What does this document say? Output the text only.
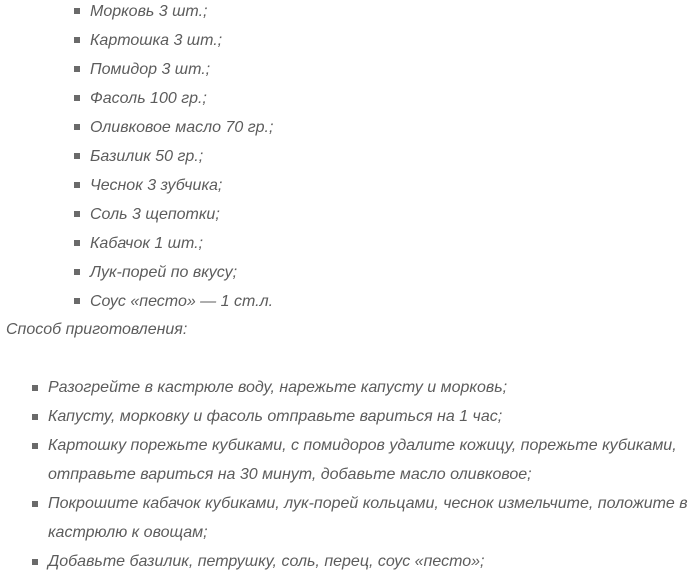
Морковь 3 шт.;
Картошка 3 шт.;
Помидор 3 шт.;
Фасоль 100 гр.;
Оливковое масло 70 гр.;
Базилик 50 гр.;
Чеснок 3 зубчика;
Соль 3 щепотки;
Кабачок 1 шт.;
Лук-порей по вкусу;
Соус «песто» — 1 ст.л.
Способ приготовления:
Разогрейте в кастрюле воду, нарежьте капусту и морковь;
Капусту, морковку и фасоль отправьте вариться на 1 час;
Картошку порежьте кубиками, с помидоров удалите кожицу, порежьте кубиками, отправьте вариться на 30 минут, добавьте масло оливковое;
Покрошите кабачок кубиками, лук-порей кольцами, чеснок измельчите, положите в кастрюлю к овощам;
Добавьте базилик, петрушку, соль, перец, соус «песто»;
